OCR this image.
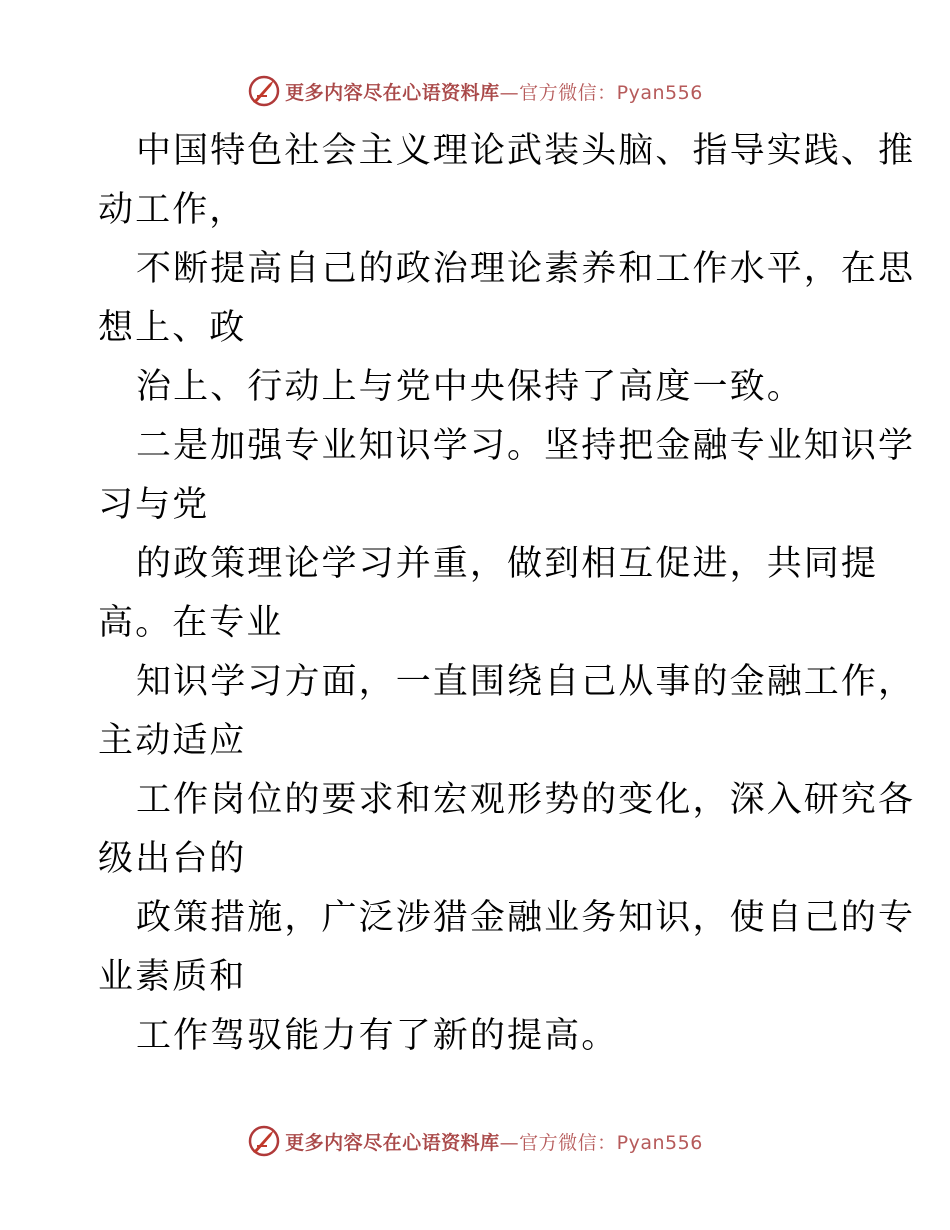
更多内容尽在心语资料库—官方微信：Pyan556
中国特色社会主义理论武装头脑、指导实践、推
动工作，
不断提高自己的政治理论素养和工作水平，在思
想上、政
治上、行动上与党中央保持了高度一致。
二是加强专业知识学习。坚持把金融专业知识学
习与党
的政策理论学习并重，做到相互促进，共同提
高。在专业
知识学习方面，一直围绕自己从事的金融工作，
主动适应
工作岗位的要求和宏观形势的变化，深入研究各
级出台的
政策措施，广泛涉猎金融业务知识，使自己的专
业素质和
工作驾驭能力有了新的提高。
更多内容尽在心语资料库—官方微信：Pyan556
